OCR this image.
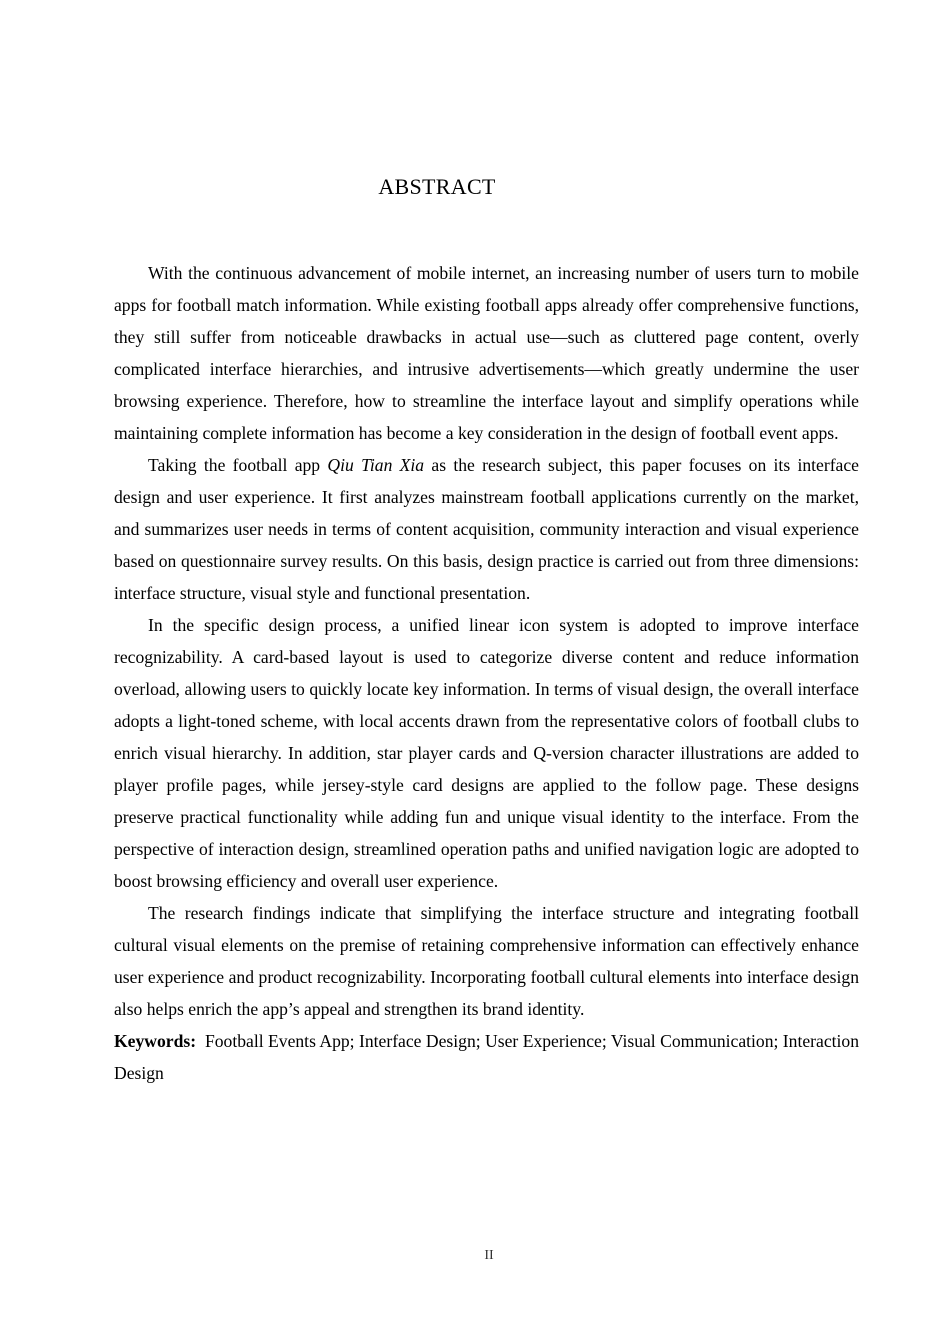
ABSTRACT

With the continuous advancement of mobile internet, an increasing number of users turn to mobile apps for football match information. While existing football apps already offer comprehensive functions, they still suffer from noticeable drawbacks in actual use—such as cluttered page content, overly complicated interface hierarchies, and intrusive advertisements—which greatly undermine the user browsing experience. Therefore, how to streamline the interface layout and simplify operations while maintaining complete information has become a key consideration in the design of football event apps.

Taking the football app Qiu Tian Xia as the research subject, this paper focuses on its interface design and user experience. It first analyzes mainstream football applications currently on the market, and summarizes user needs in terms of content acquisition, community interaction and visual experience based on questionnaire survey results. On this basis, design practice is carried out from three dimensions: interface structure, visual style and functional presentation.

In the specific design process, a unified linear icon system is adopted to improve interface recognizability. A card-based layout is used to categorize diverse content and reduce information overload, allowing users to quickly locate key information. In terms of visual design, the overall interface adopts a light-toned scheme, with local accents drawn from the representative colors of football clubs to enrich visual hierarchy. In addition, star player cards and Q-version character illustrations are added to player profile pages, while jersey-style card designs are applied to the follow page. These designs preserve practical functionality while adding fun and unique visual identity to the interface. From the perspective of interaction design, streamlined operation paths and unified navigation logic are adopted to boost browsing efficiency and overall user experience.

The research findings indicate that simplifying the interface structure and integrating football cultural visual elements on the premise of retaining comprehensive information can effectively enhance user experience and product recognizability. Incorporating football cultural elements into interface design also helps enrich the app’s appeal and strengthen its brand identity.

Keywords: Football Events App; Interface Design; User Experience; Visual Communication; Interaction Design
II
